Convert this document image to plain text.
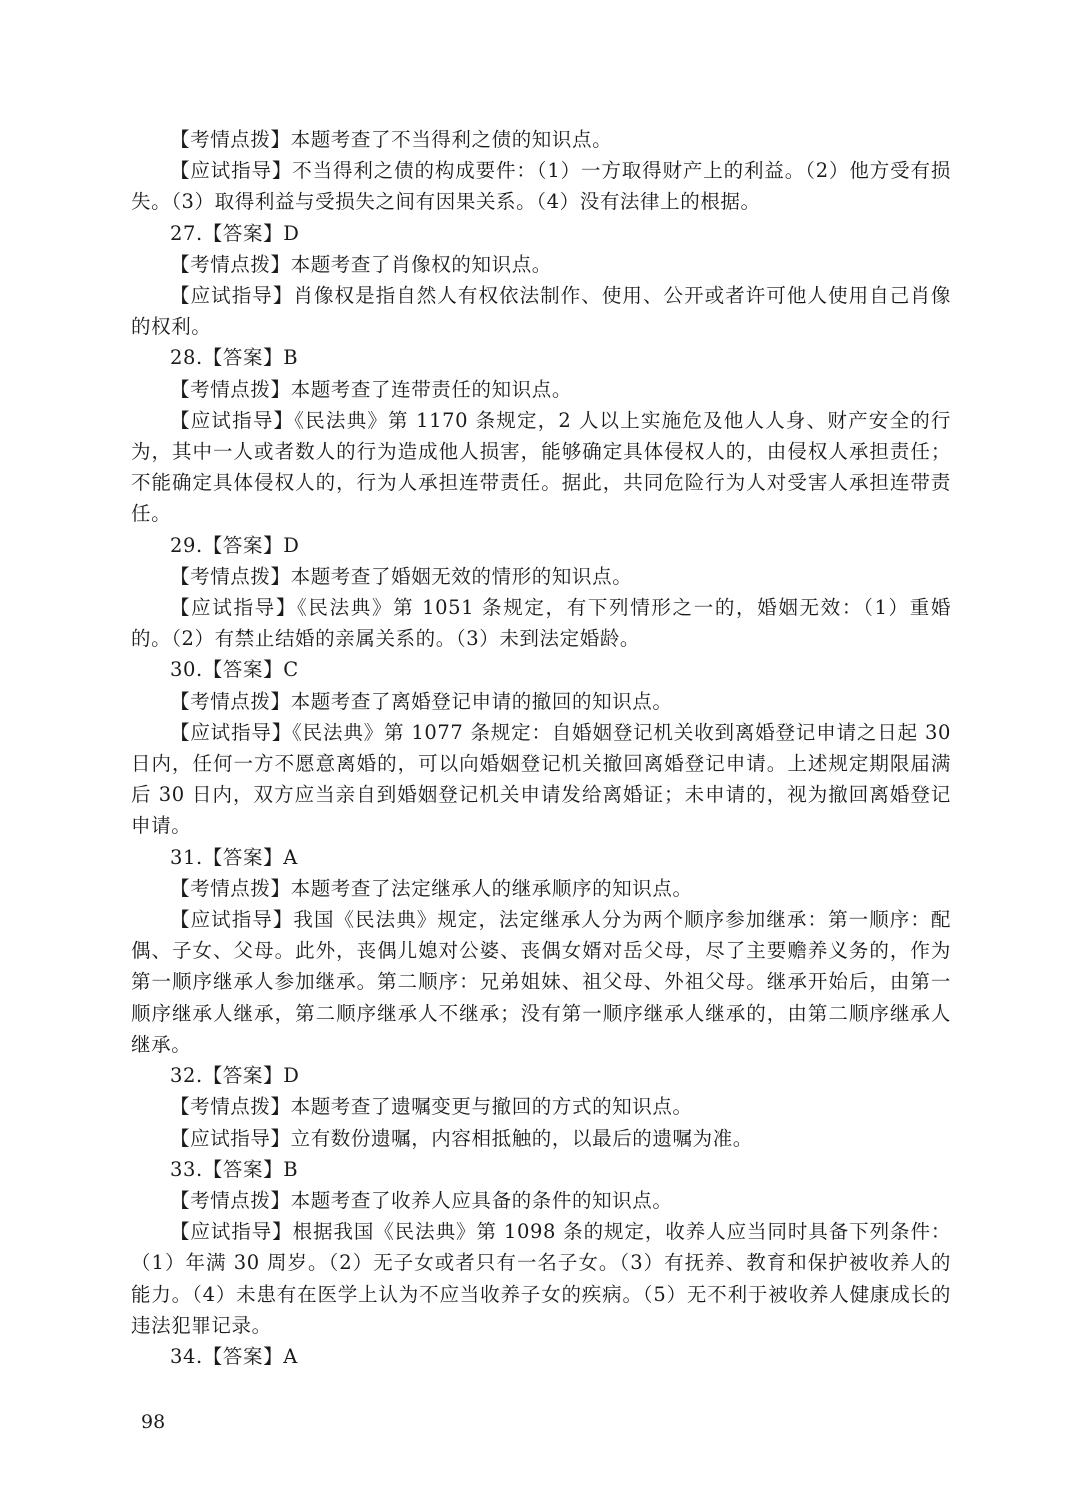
【考情点拨】本题考查了不当得利之债的知识点。

【应试指导】不当得利之债的构成要件：（1）一方取得财产上的利益。（2）他方受有损失。（3）取得利益与受损失之间有因果关系。（4）没有法律上的根据。

27.【答案】D

【考情点拨】本题考查了肖像权的知识点。

【应试指导】肖像权是指自然人有权依法制作、使用、公开或者许可他人使用自己肖像的权利。

28.【答案】B

【考情点拨】本题考查了连带责任的知识点。

【应试指导】《民法典》第 1170 条规定，2 人以上实施危及他人人身、财产安全的行为，其中一人或者数人的行为造成他人损害，能够确定具体侵权人的，由侵权人承担责任；不能确定具体侵权人的，行为人承担连带责任。据此，共同危险行为人对受害人承担连带责任。

29.【答案】D

【考情点拨】本题考查了婚姻无效的情形的知识点。

【应试指导】《民法典》第 1051 条规定，有下列情形之一的，婚姻无效：（1）重婚的。（2）有禁止结婚的亲属关系的。（3）未到法定婚龄。

30.【答案】C

【考情点拨】本题考查了离婚登记申请的撤回的知识点。

【应试指导】《民法典》第 1077 条规定：自婚姻登记机关收到离婚登记申请之日起 30 日内，任何一方不愿意离婚的，可以向婚姻登记机关撤回离婚登记申请。上述规定期限届满后 30 日内，双方应当亲自到婚姻登记机关申请发给离婚证；未申请的，视为撤回离婚登记申请。

31.【答案】A

【考情点拨】本题考查了法定继承人的继承顺序的知识点。

【应试指导】我国《民法典》规定，法定继承人分为两个顺序参加继承：第一顺序：配偶、子女、父母。此外，丧偶儿媳对公婆、丧偶女婿对岳父母，尽了主要赡养义务的，作为第一顺序继承人参加继承。第二顺序：兄弟姐妹、祖父母、外祖父母。继承开始后，由第一顺序继承人继承，第二顺序继承人不继承；没有第一顺序继承人继承的，由第二顺序继承人继承。

32.【答案】D

【考情点拨】本题考查了遗嘱变更与撤回的方式的知识点。

【应试指导】立有数份遗嘱，内容相抵触的，以最后的遗嘱为准。

33.【答案】B

【考情点拨】本题考查了收养人应具备的条件的知识点。

【应试指导】根据我国《民法典》第 1098 条的规定，收养人应当同时具备下列条件：（1）年满 30 周岁。（2）无子女或者只有一名子女。（3）有抚养、教育和保护被收养人的能力。（4）未患有在医学上认为不应当收养子女的疾病。（5）无不利于被收养人健康成长的违法犯罪记录。

34.【答案】A

98
